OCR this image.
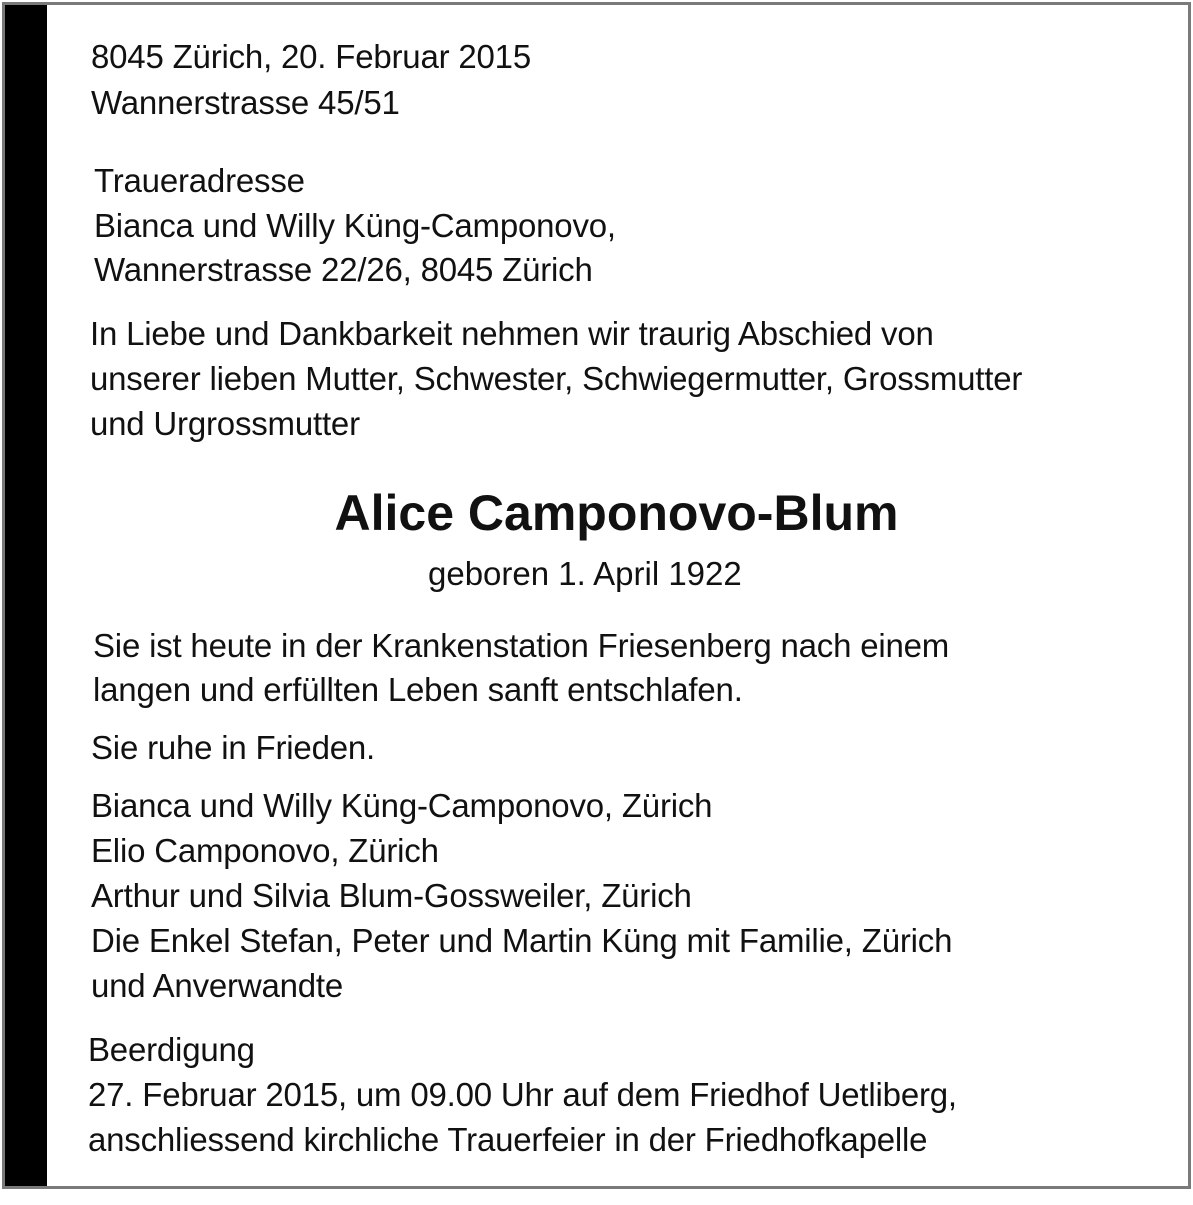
8045 Zürich, 20. Februar 2015
Wannerstrasse 45/51
Traueradresse
Bianca und Willy Küng-Camponovo,
Wannerstrasse 22/26, 8045 Zürich
In Liebe und Dankbarkeit nehmen wir traurig Abschied von
unserer lieben Mutter, Schwester, Schwiegermutter, Grossmutter
und Urgrossmutter
Alice Camponovo-Blum
geboren 1. April 1922
Sie ist heute in der Krankenstation Friesenberg nach einem
langen und erfüllten Leben sanft entschlafen.
Sie ruhe in Frieden.
Bianca und Willy Küng-Camponovo, Zürich
Elio Camponovo, Zürich
Arthur und Silvia Blum-Gossweiler, Zürich
Die Enkel Stefan, Peter und Martin Küng mit Familie, Zürich
und Anverwandte
Beerdigung
27. Februar 2015, um 09.00 Uhr auf dem Friedhof Uetliberg,
anschliessend kirchliche Trauerfeier in der Friedhofkapelle
